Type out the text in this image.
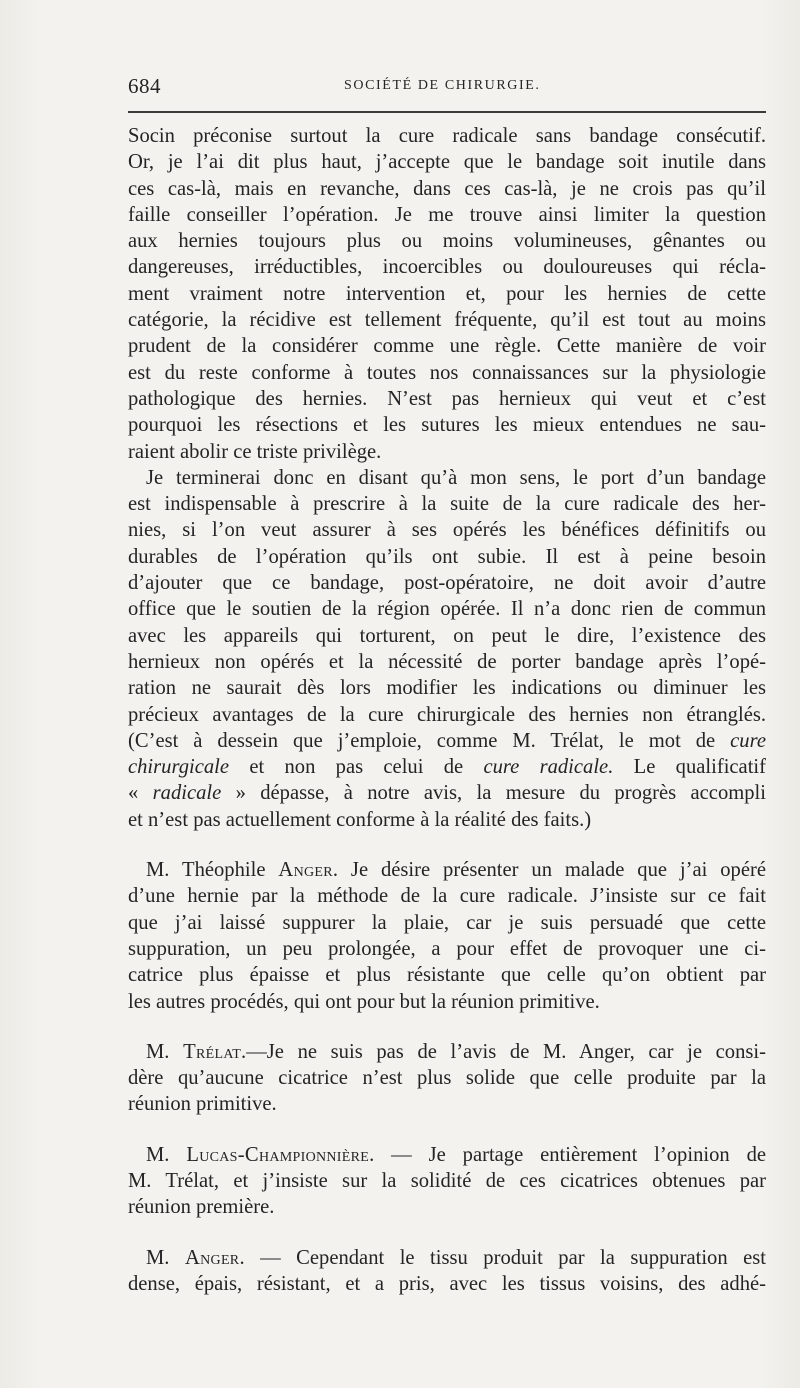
684	SOCIÉTÉ DE CHIRURGIE.

Socin préconise surtout la cure radicale sans bandage consécutif.
Or, je l’ai dit plus haut, j’accepte que le bandage soit inutile dans
ces cas-là, mais en revanche, dans ces cas-là, je ne crois pas qu’il
faille conseiller l’opération. Je me trouve ainsi limiter la question
aux hernies toujours plus ou moins volumineuses, gênantes ou
dangereuses, irréductibles, incoercibles ou douloureuses qui récla-
ment vraiment notre intervention et, pour les hernies de cette
catégorie, la récidive est tellement fréquente, qu’il est tout au moins
prudent de la considérer comme une règle. Cette manière de voir
est du reste conforme à toutes nos connaissances sur la physiologie
pathologique des hernies. N’est pas hernieux qui veut et c’est
pourquoi les résections et les sutures les mieux entendues ne sau-
raient abolir ce triste privilège.

Je terminerai donc en disant qu’à mon sens, le port d’un bandage
est indispensable à prescrire à la suite de la cure radicale des her-
nies, si l’on veut assurer à ses opérés les bénéfices définitifs ou
durables de l’opération qu’ils ont subie. Il est à peine besoin
d’ajouter que ce bandage, post-opératoire, ne doit avoir d’autre
office que le soutien de la région opérée. Il n’a donc rien de commun
avec les appareils qui torturent, on peut le dire, l’existence des
hernieux non opérés et la nécessité de porter bandage après l’opé-
ration ne saurait dès lors modifier les indications ou diminuer les
précieux avantages de la cure chirurgicale des hernies non étranglés.
(C’est à dessein que j’emploie, comme M. Trélat, le mot de cure
chirurgicale et non pas celui de cure radicale. Le qualificatif
« radicale » dépasse, à notre avis, la mesure du progrès accompli
et n’est pas actuellement conforme à la réalité des faits.)

M. Théophile Anger. Je désire présenter un malade que j’ai opéré
d’une hernie par la méthode de la cure radicale. J’insiste sur ce fait
que j’ai laissé suppurer la plaie, car je suis persuadé que cette
suppuration, un peu prolongée, a pour effet de provoquer une ci-
catrice plus épaisse et plus résistante que celle qu’on obtient par
les autres procédés, qui ont pour but la réunion primitive.

M. Trélat.—Je ne suis pas de l’avis de M. Anger, car je consi-
dère qu’aucune cicatrice n’est plus solide que celle produite par la
réunion primitive.

M. Lucas-Championnière. — Je partage entièrement l’opinion de
M. Trélat, et j’insiste sur la solidité de ces cicatrices obtenues par
réunion première.

M. Anger. — Cependant le tissu produit par la suppuration est
dense, épais, résistant, et a pris, avec les tissus voisins, des adhé-
